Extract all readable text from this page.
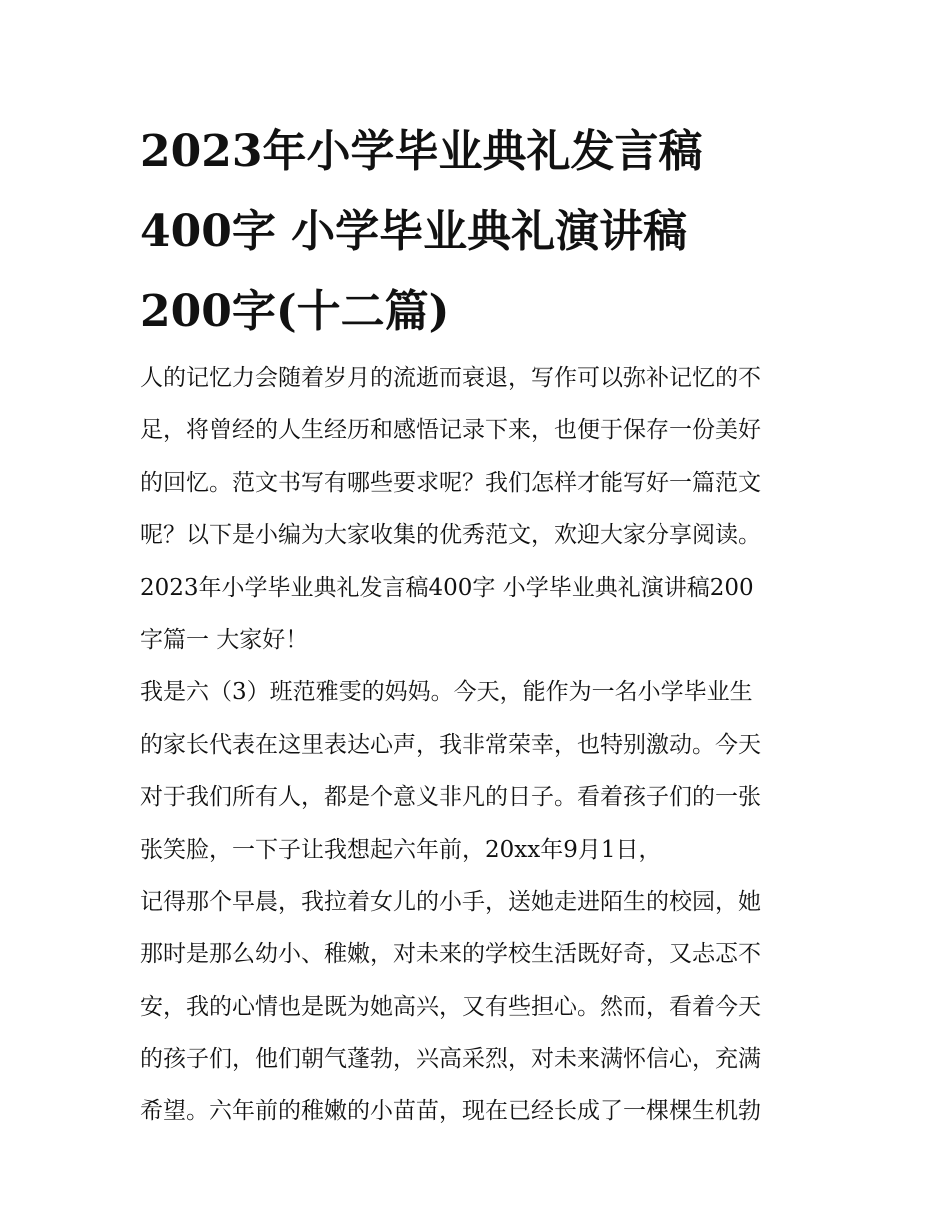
2023年小学毕业典礼发言稿
400字 小学毕业典礼演讲稿
200字(十二篇)
人的记忆力会随着岁月的流逝而衰退，写作可以弥补记忆的不
足，将曾经的人生经历和感悟记录下来，也便于保存一份美好
的回忆。范文书写有哪些要求呢？我们怎样才能写好一篇范文
呢？以下是小编为大家收集的优秀范文，欢迎大家分享阅读。
2023年小学毕业典礼发言稿400字 小学毕业典礼演讲稿200
字篇一 大家好！
我是六（3）班范雅雯的妈妈。今天，能作为一名小学毕业生
的家长代表在这里表达心声，我非常荣幸，也特别激动。今天
对于我们所有人，都是个意义非凡的日子。看着孩子们的一张
张笑脸，一下子让我想起六年前，20xx年9月1日，
记得那个早晨，我拉着女儿的小手，送她走进陌生的校园，她
那时是那么幼小、稚嫩，对未来的学校生活既好奇，又忐忑不
安，我的心情也是既为她高兴，又有些担心。然而，看着今天
的孩子们，他们朝气蓬勃，兴高采烈，对未来满怀信心，充满
希望。六年前的稚嫩的小苗苗，现在已经长成了一棵棵生机勃
